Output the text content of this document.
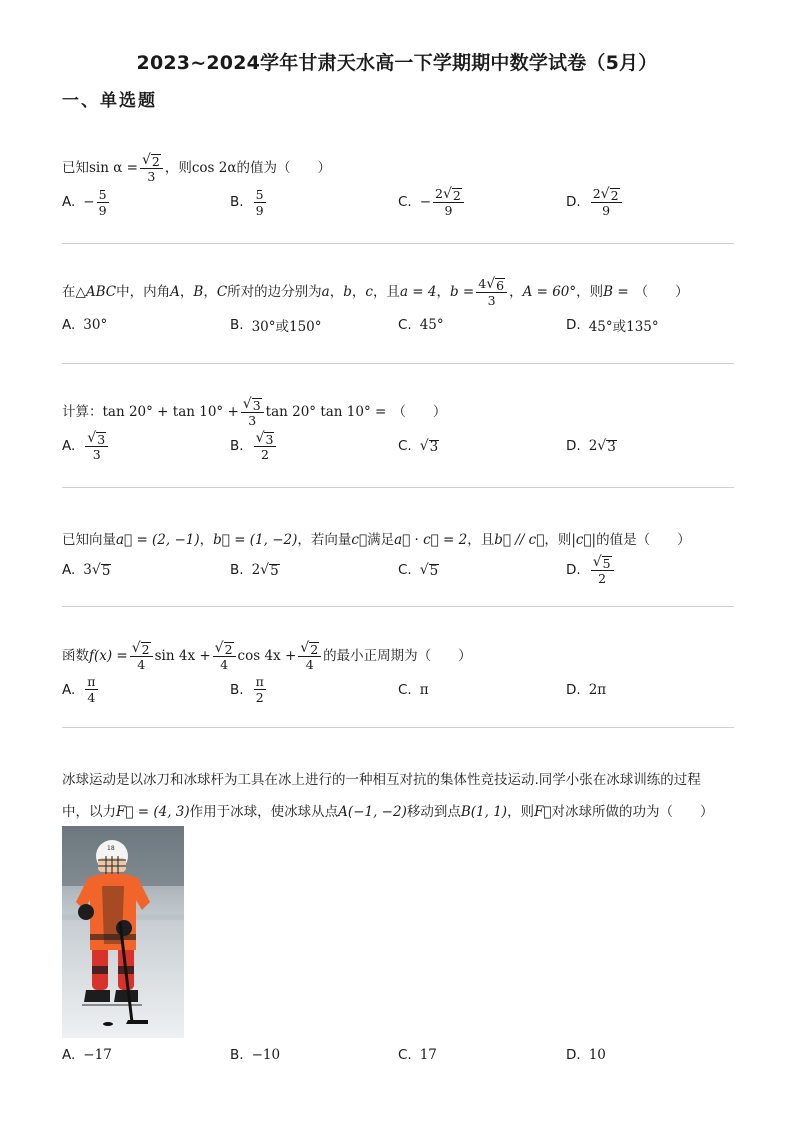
2023~2024学年甘肃天水高一下学期期中数学试卷（5月）
一、单选题
已知 $\sin \alpha = \frac{√ 2}{3}$ ，则 cos 2α 的值为（　　）
A. − $\frac{5}{9}$	B. $\frac{5}{9}$	C. − $\frac{2 √ 2}{9}$	D. $\frac{2 √ 2}{9}$
在△ ABC 中，内角 A ， B ， C 所对的边分别为 a ， b ， c ，且 a = 4 ， $b = \frac{4 √ 6}{3}$ ， A = 60° ，则 B = （　　）
A. 30°	B. 30°或150°	C. 45°	D. 45°或135°
计算： $\tan 20^\circ + \tan 10^\circ + \frac{√ 3}{3}$ tan 20° tan 10° = （　　）
A. $\frac{√ 3}{3}$	B. $\frac{√ 3}{2}$	C. √ 3	D. 2 √ 3
已知向量 a⃗ = (2, −1) ， b⃗ = (1, −2) ，若向量 c⃗ 满足 a⃗ · c⃗ = 2 ，且 b⃗ // c⃗ ，则 |c⃗| 的值是（　　）
A. 3 √ 5	B. 2 √ 5	C. √ 5	D. $\frac{√ 5}{2}$
函数 $f(x) = \frac{√ 2}{4}$ $\sin 4x + \frac{√ 2}{4}$ $\cos 4x + \frac{√ 2}{4}$ 的最小正周期为（　　）
A. $\frac{\pi}{4}$	B. $\frac{\pi}{2}$	C. π	D. 2π
冰球运动是以冰刀和冰球杆为工具在冰上进行的一种相互对抗的集体性竞技运动.同学小张在冰球训练的过程
中，以力F⃗ = (4, 3)作用于冰球，使冰球从点A(−1, −2)移动到点B(1, 1)，则F⃗对冰球所做的功为（　　）
18
A. −17	B. −10	C. 17	D. 10
